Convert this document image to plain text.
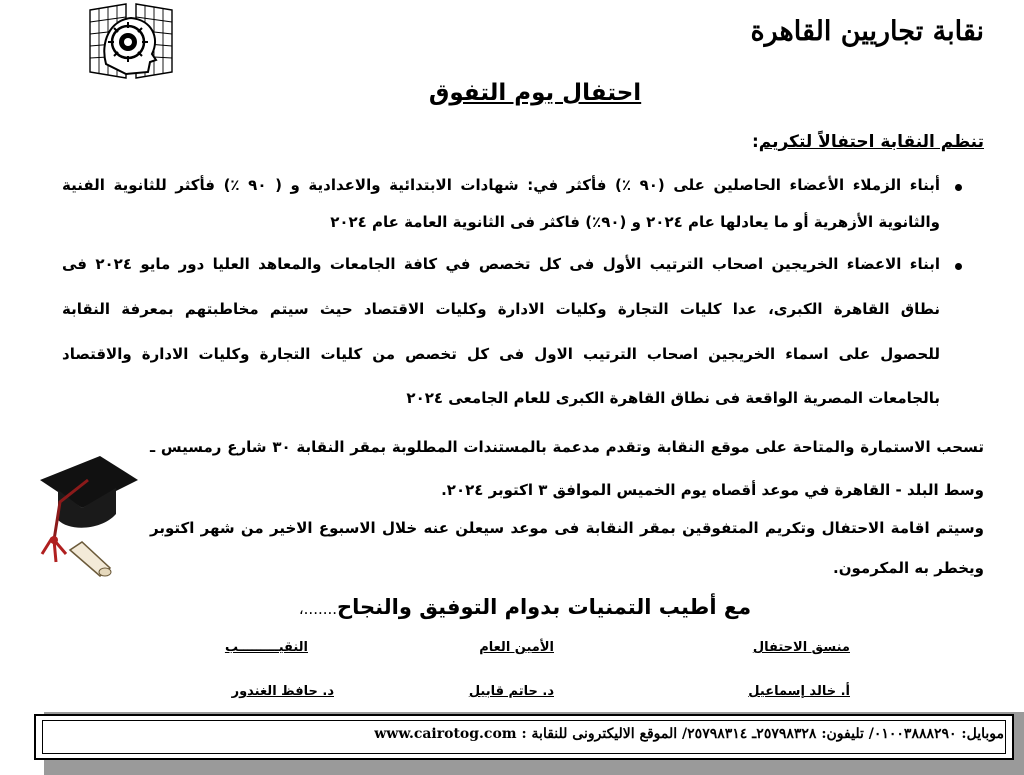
نقابة تجاريين القاهرة
احتفال يوم التفوق
تنظم النقابة احتفالاً لتكريم:
أبناء الزملاء الأعضاء الحاصلين على (٩٠ ٪) فأكثر في: شهادات الابتدائية والاعدادية و ( ٩٠ ٪) فأكثر للثانوية الفنية
والثانوية الأزهرية أو ما يعادلها عام ٢٠٢٤ و (٩٠٪) فاكثر فى الثانوية العامة عام ٢٠٢٤
ابناء الاعضاء الخريجين اصحاب الترتيب الأول فى كل تخصص في كافة الجامعات والمعاهد العليا دور مايو ٢٠٢٤ فى
نطاق القاهرة الكبرى، عدا كليات التجارة وكليات الادارة وكليات الاقتصاد حيث سيتم مخاطبتهم بمعرفة النقابة
للحصول على اسماء الخريجين اصحاب الترتيب الاول فى كل تخصص من كليات التجارة وكليات الادارة والاقتصاد
بالجامعات المصرية الواقعة فى نطاق القاهرة الكبرى للعام الجامعى ٢٠٢٤
تسحب الاستمارة والمتاحة على موقع النقابة وتقدم مدعمة بالمستندات المطلوبة بمقر النقابة ٣٠ شارع رمسيس ـ
وسط البلد - القاهرة في موعد أقصاه يوم الخميس الموافق ٣ اكتوبر ٢٠٢٤.
وسيتم اقامة الاحتفال وتكريم المتفوقين بمقر النقابة فى موعد سيعلن عنه خلال الاسبوع الاخير من شهر اكتوبر
ويخطر به المكرمون.
مع أطيب التمنيات بدوام التوفيق والنجاح.......،
منسق الاحتفال
الأمين العام
النقيـــــــــب
أ. خالد إسماعيل
د. حاتم قابيل
د. حافظ الغندور
موبايل: ٠١٠٠٣٨٨٨٢٩٠/ تليفون: ٢٥٧٩٨٣٢٨ـ ٢٥٧٩٨٣١٤/ الموقع الاليكترونى للنقابة : www.cairotog.com
